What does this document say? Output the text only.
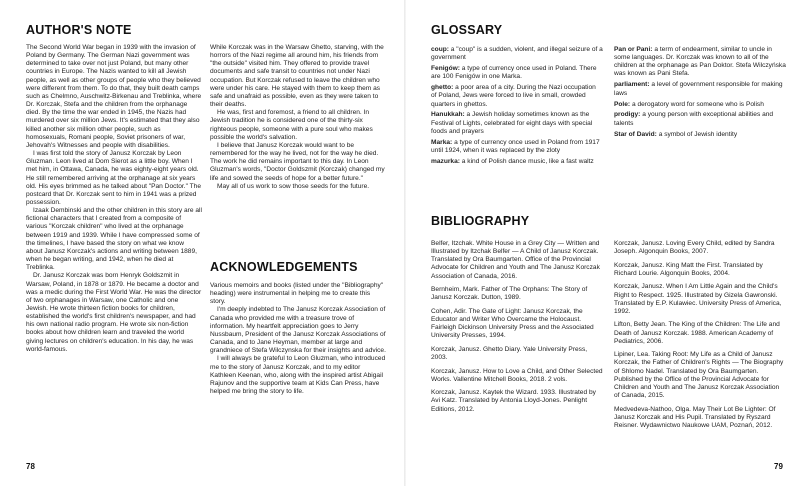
AUTHOR'S NOTE

The Second World War began in 1939 with the invasion of Poland by Germany. The German Nazi government was determined to take over not just Poland, but many other countries in Europe. The Nazis wanted to kill all Jewish people, as well as other groups of people who they believed were different from them. To do that, they built death camps such as Chelmno, Auschwitz-Birkenau and Treblinka, where Dr. Korczak, Stefa and the children from the orphanage died. By the time the war ended in 1945, the Nazis had murdered over six million Jews. It's estimated that they also killed another six million other people, such as homosexuals, Romani people, Soviet prisoners of war, Jehovah's Witnesses and people with disabilities.

I was first told the story of Janusz Korczak by Leon Gluzman. Leon lived at Dom Sierot as a little boy. When I met him, in Ottawa, Canada, he was eighty-eight years old. He still remembered arriving at the orphanage at six years old. His eyes brimmed as he talked about "Pan Doctor." The postcard that Dr. Korczak sent to him in 1941 was a prized possession.

Izaak Dembinski and the other children in this story are all fictional characters that I created from a composite of various "Korczak children" who lived at the orphanage between 1919 and 1939. While I have compressed some of the timelines, I have based the story on what we know about Janusz Korczak's actions and writing between 1889, when he began writing, and 1942, when he died at Treblinka.

Dr. Janusz Korczak was born Henryk Goldszmit in Warsaw, Poland, in 1878 or 1879. He became a doctor and was a medic during the First World War. He was the director of two orphanages in Warsaw, one Catholic and one Jewish. He wrote thirteen fiction books for children, established the world's first children's newspaper, and had his own national radio program. He wrote six non-fiction books about how children learn and traveled the world giving lectures on children's education. In his day, he was world-famous.

While Korczak was in the Warsaw Ghetto, starving, with the horrors of the Nazi regime all around him, his friends from "the outside" visited him. They offered to provide travel documents and safe transit to countries not under Nazi occupation. But Korczak refused to leave the children who were under his care. He stayed with them to keep them as safe and unafraid as possible, even as they were taken to their deaths.

He was, first and foremost, a friend to all children. In Jewish tradition he is considered one of the thirty-six righteous people, someone with a pure soul who makes possible the world's salvation.

I believe that Janusz Korczak would want to be remembered for the way he lived, not for the way he died. The work he did remains important to this day. In Leon Gluzman's words, "Doctor Goldszmit (Korczak) changed my life and sowed the seeds of hope for a better future."

May all of us work to sow those seeds for the future.

ACKNOWLEDGEMENTS

Various memoirs and books (listed under the "Bibliography" heading) were instrumental in helping me to create this story.

I'm deeply indebted to The Janusz Korczak Association of Canada who provided me with a treasure trove of information. My heartfelt appreciation goes to Jerry Nussbaum, President of the Janusz Korczak Associations of Canada, and to Jane Heyman, member at large and grandniece of Stefa Wilczynska for their insights and advice.

I will always be grateful to Leon Gluzman, who introduced me to the story of Janusz Korczak, and to my editor Kathleen Keenan, who, along with the inspired artist Abigail Rajunov and the supportive team at Kids Can Press, have helped me bring the story to life.

78
GLOSSARY

coup: a "coup" is a sudden, violent, and illegal seizure of a government

Fenigów: a type of currency once used in Poland. There are 100 Fenigów in one Marka.

ghetto: a poor area of a city. During the Nazi occupation of Poland, Jews were forced to live in small, crowded quarters in ghettos.

Hanukkah: a Jewish holiday sometimes known as the Festival of Lights, celebrated for eight days with special foods and prayers

Marka: a type of currency once used in Poland from 1917 until 1924, when it was replaced by the zloty

mazurka: a kind of Polish dance music, like a fast waltz

Pan or Pani: a term of endearment, similar to uncle in some languages. Dr. Korczak was known to all of the children at the orphanage as Pan Doktor. Stefa Wilczyńska was known as Pani Stefa.

parliament: a level of government responsible for making laws

Pole: a derogatory word for someone who is Polish

prodigy: a young person with exceptional abilities and talents

Star of David: a symbol of Jewish identity

BIBLIOGRAPHY

Belfer, Itzchak. White House in a Grey City — Written and Illustrated by Itzchak Belfer — A Child of Janusz Korczak. Translated by Ora Baumgarten. Office of the Provincial Advocate for Children and Youth and The Janusz Korczak Association of Canada, 2016.

Bernheim, Mark. Father of The Orphans: The Story of Janusz Korczak. Dutton, 1989.

Cohen, Adir. The Gate of Light: Janusz Korczak, the Educator and Writer Who Overcame the Holocaust. Fairleigh Dickinson University Press and the Associated University Presses, 1994.

Korczak, Janusz. Ghetto Diary. Yale University Press, 2003.

Korczak, Janusz. How to Love a Child, and Other Selected Works. Vallentine Mitchell Books, 2018. 2 vols.

Korczak, Janusz. Kaytek the Wizard. 1933. Illustrated by Avi Katz. Translated by Antonia Lloyd-Jones. Penlight Editions, 2012.

Korczak, Janusz. Loving Every Child, edited by Sandra Joseph. Algonquin Books, 2007.

Korczak, Janusz. King Matt the First. Translated by Richard Lourie. Algonquin Books, 2004.

Korczak, Janusz. When I Am Little Again and the Child's Right to Respect. 1925. Illustrated by Gizela Gawronski. Translated by E.P. Kulawiec. University Press of America, 1992.

Lifton, Betty Jean. The King of the Children: The Life and Death of Janusz Korczak. 1988. American Academy of Pediatrics, 2006.

Lipiner, Lea. Taking Root: My Life as a Child of Janusz Korczak, the Father of Children's Rights — The Biography of Shlomo Nadel. Translated by Ora Baumgarten. Published by the Office of the Provincial Advocate for Children and Youth and The Janusz Korczak Association of Canada, 2015.

Medvedeva-Nathoo, Olga. May Their Lot Be Lighter: Of Janusz Korczak and His Pupil. Translated by Ryszard Reisner. Wydawnictwo Naukowe UAM, Poznań, 2012.

79
